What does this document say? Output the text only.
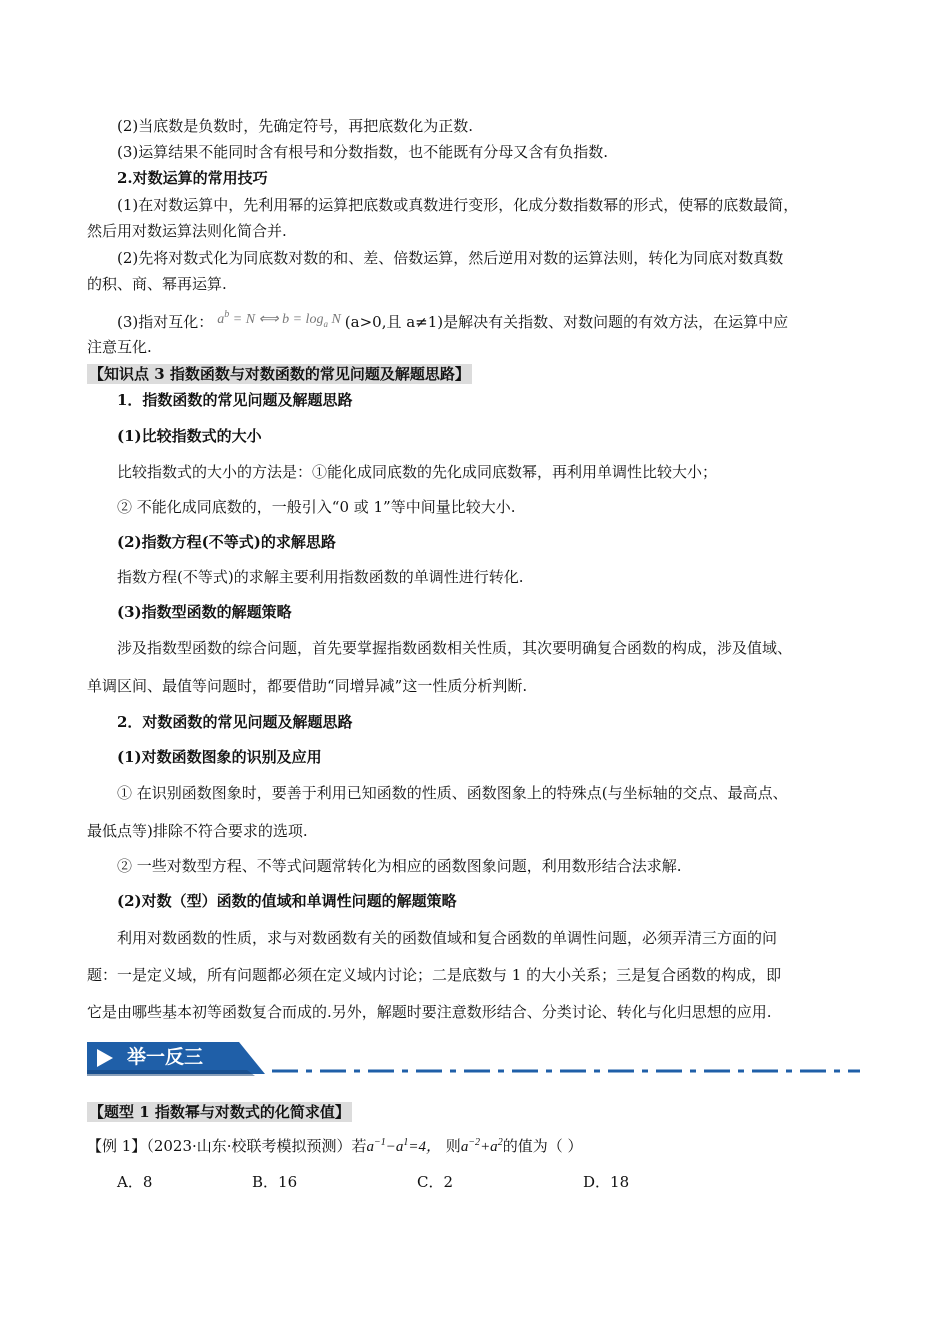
(2)当底数是负数时，先确定符号，再把底数化为正数.
(3)运算结果不能同时含有根号和分数指数，也不能既有分母又含有负指数.
2.对数运算的常用技巧
(1)在对数运算中，先利用幂的运算把底数或真数进行变形，化成分数指数幂的形式，使幂的底数最简，
然后用对数运算法则化简合并.
(2)先将对数式化为同底数对数的和、差、倍数运算，然后逆用对数的运算法则，转化为同底对数真数
的积、商、幂再运算.
(3)指对互化： $a^b = N$ ⟺ $b = \log_a N$ (a>0,且 a≠1)是解决有关指数、对数问题的有效方法，在运算中应
注意互化.
【知识点 3 指数函数与对数函数的常见问题及解题思路】
1．指数函数的常见问题及解题思路
(1)比较指数式的大小
比较指数式的大小的方法是：①能化成同底数的先化成同底数幂，再利用单调性比较大小；
② 不能化成同底数的，一般引入“0 或 1”等中间量比较大小.
(2)指数方程(不等式)的求解思路
指数方程(不等式)的求解主要利用指数函数的单调性进行转化.
(3)指数型函数的解题策略
涉及指数型函数的综合问题，首先要掌握指数函数相关性质，其次要明确复合函数的构成，涉及值域、
单调区间、最值等问题时，都要借助“同增异减”这一性质分析判断.
2．对数函数的常见问题及解题思路
(1)对数函数图象的识别及应用
① 在识别函数图象时，要善于利用已知函数的性质、函数图象上的特殊点(与坐标轴的交点、最高点、
最低点等)排除不符合要求的选项.
② 一些对数型方程、不等式问题常转化为相应的函数图象问题，利用数形结合法求解.
(2)对数（型）函数的值域和单调性问题的解题策略
利用对数函数的性质，求与对数函数有关的函数值域和复合函数的单调性问题，必须弄清三方面的问
题：一是定义域，所有问题都必须在定义域内讨论；二是底数与 1 的大小关系；三是复合函数的构成，即
它是由哪些基本初等函数复合而成的.另外，解题时要注意数形结合、分类讨论、转化与化归思想的应用.
举一反三
【题型 1 指数幂与对数式的化简求值】
【例 1】（2023·山东·校联考模拟预测）若$a^{-1}-a^1=4$， 则$a^{-2}+a^2$的值为（ ）
A．8	B．16	C．2	D．18
